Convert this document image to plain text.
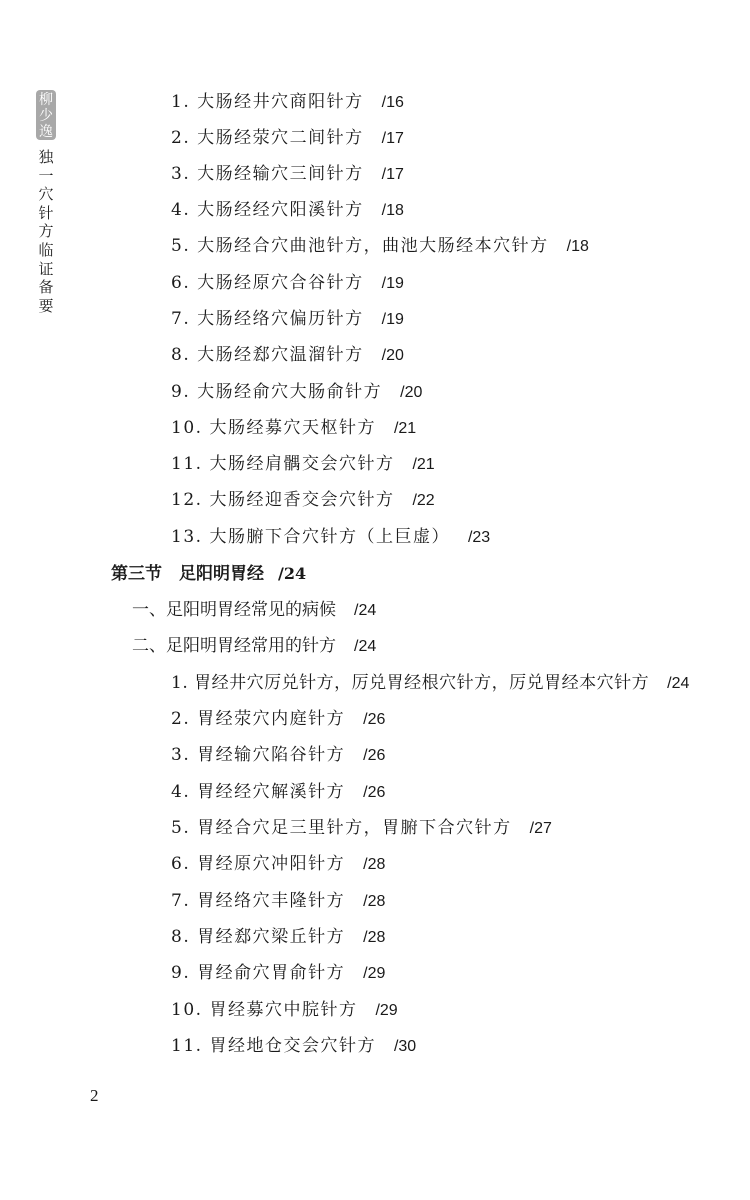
柳少逸
独一穴针方临证备要
1. 大肠经井穴商阳针方 /16
2. 大肠经荥穴二间针方 /17
3. 大肠经输穴三间针方 /17
4. 大肠经经穴阳溪针方 /18
5. 大肠经合穴曲池针方，曲池大肠经本穴针方 /18
6. 大肠经原穴合谷针方 /19
7. 大肠经络穴偏历针方 /19
8. 大肠经郄穴温溜针方 /20
9. 大肠经俞穴大肠俞针方 /20
10. 大肠经募穴天枢针方 /21
11. 大肠经肩髃交会穴针方 /21
12. 大肠经迎香交会穴针方 /22
13. 大肠腑下合穴针方（上巨虚） /23
第三节　足阳明胃经 /24
一、足阳明胃经常见的病候 /24
二、足阳明胃经常用的针方 /24
1. 胃经井穴厉兑针方，厉兑胃经根穴针方，厉兑胃经本穴针方 /24
2. 胃经荥穴内庭针方 /26
3. 胃经输穴陷谷针方 /26
4. 胃经经穴解溪针方 /26
5. 胃经合穴足三里针方，胃腑下合穴针方 /27
6. 胃经原穴冲阳针方 /28
7. 胃经络穴丰隆针方 /28
8. 胃经郄穴梁丘针方 /28
9. 胃经俞穴胃俞针方 /29
10. 胃经募穴中脘针方 /29
11. 胃经地仓交会穴针方 /30
2
